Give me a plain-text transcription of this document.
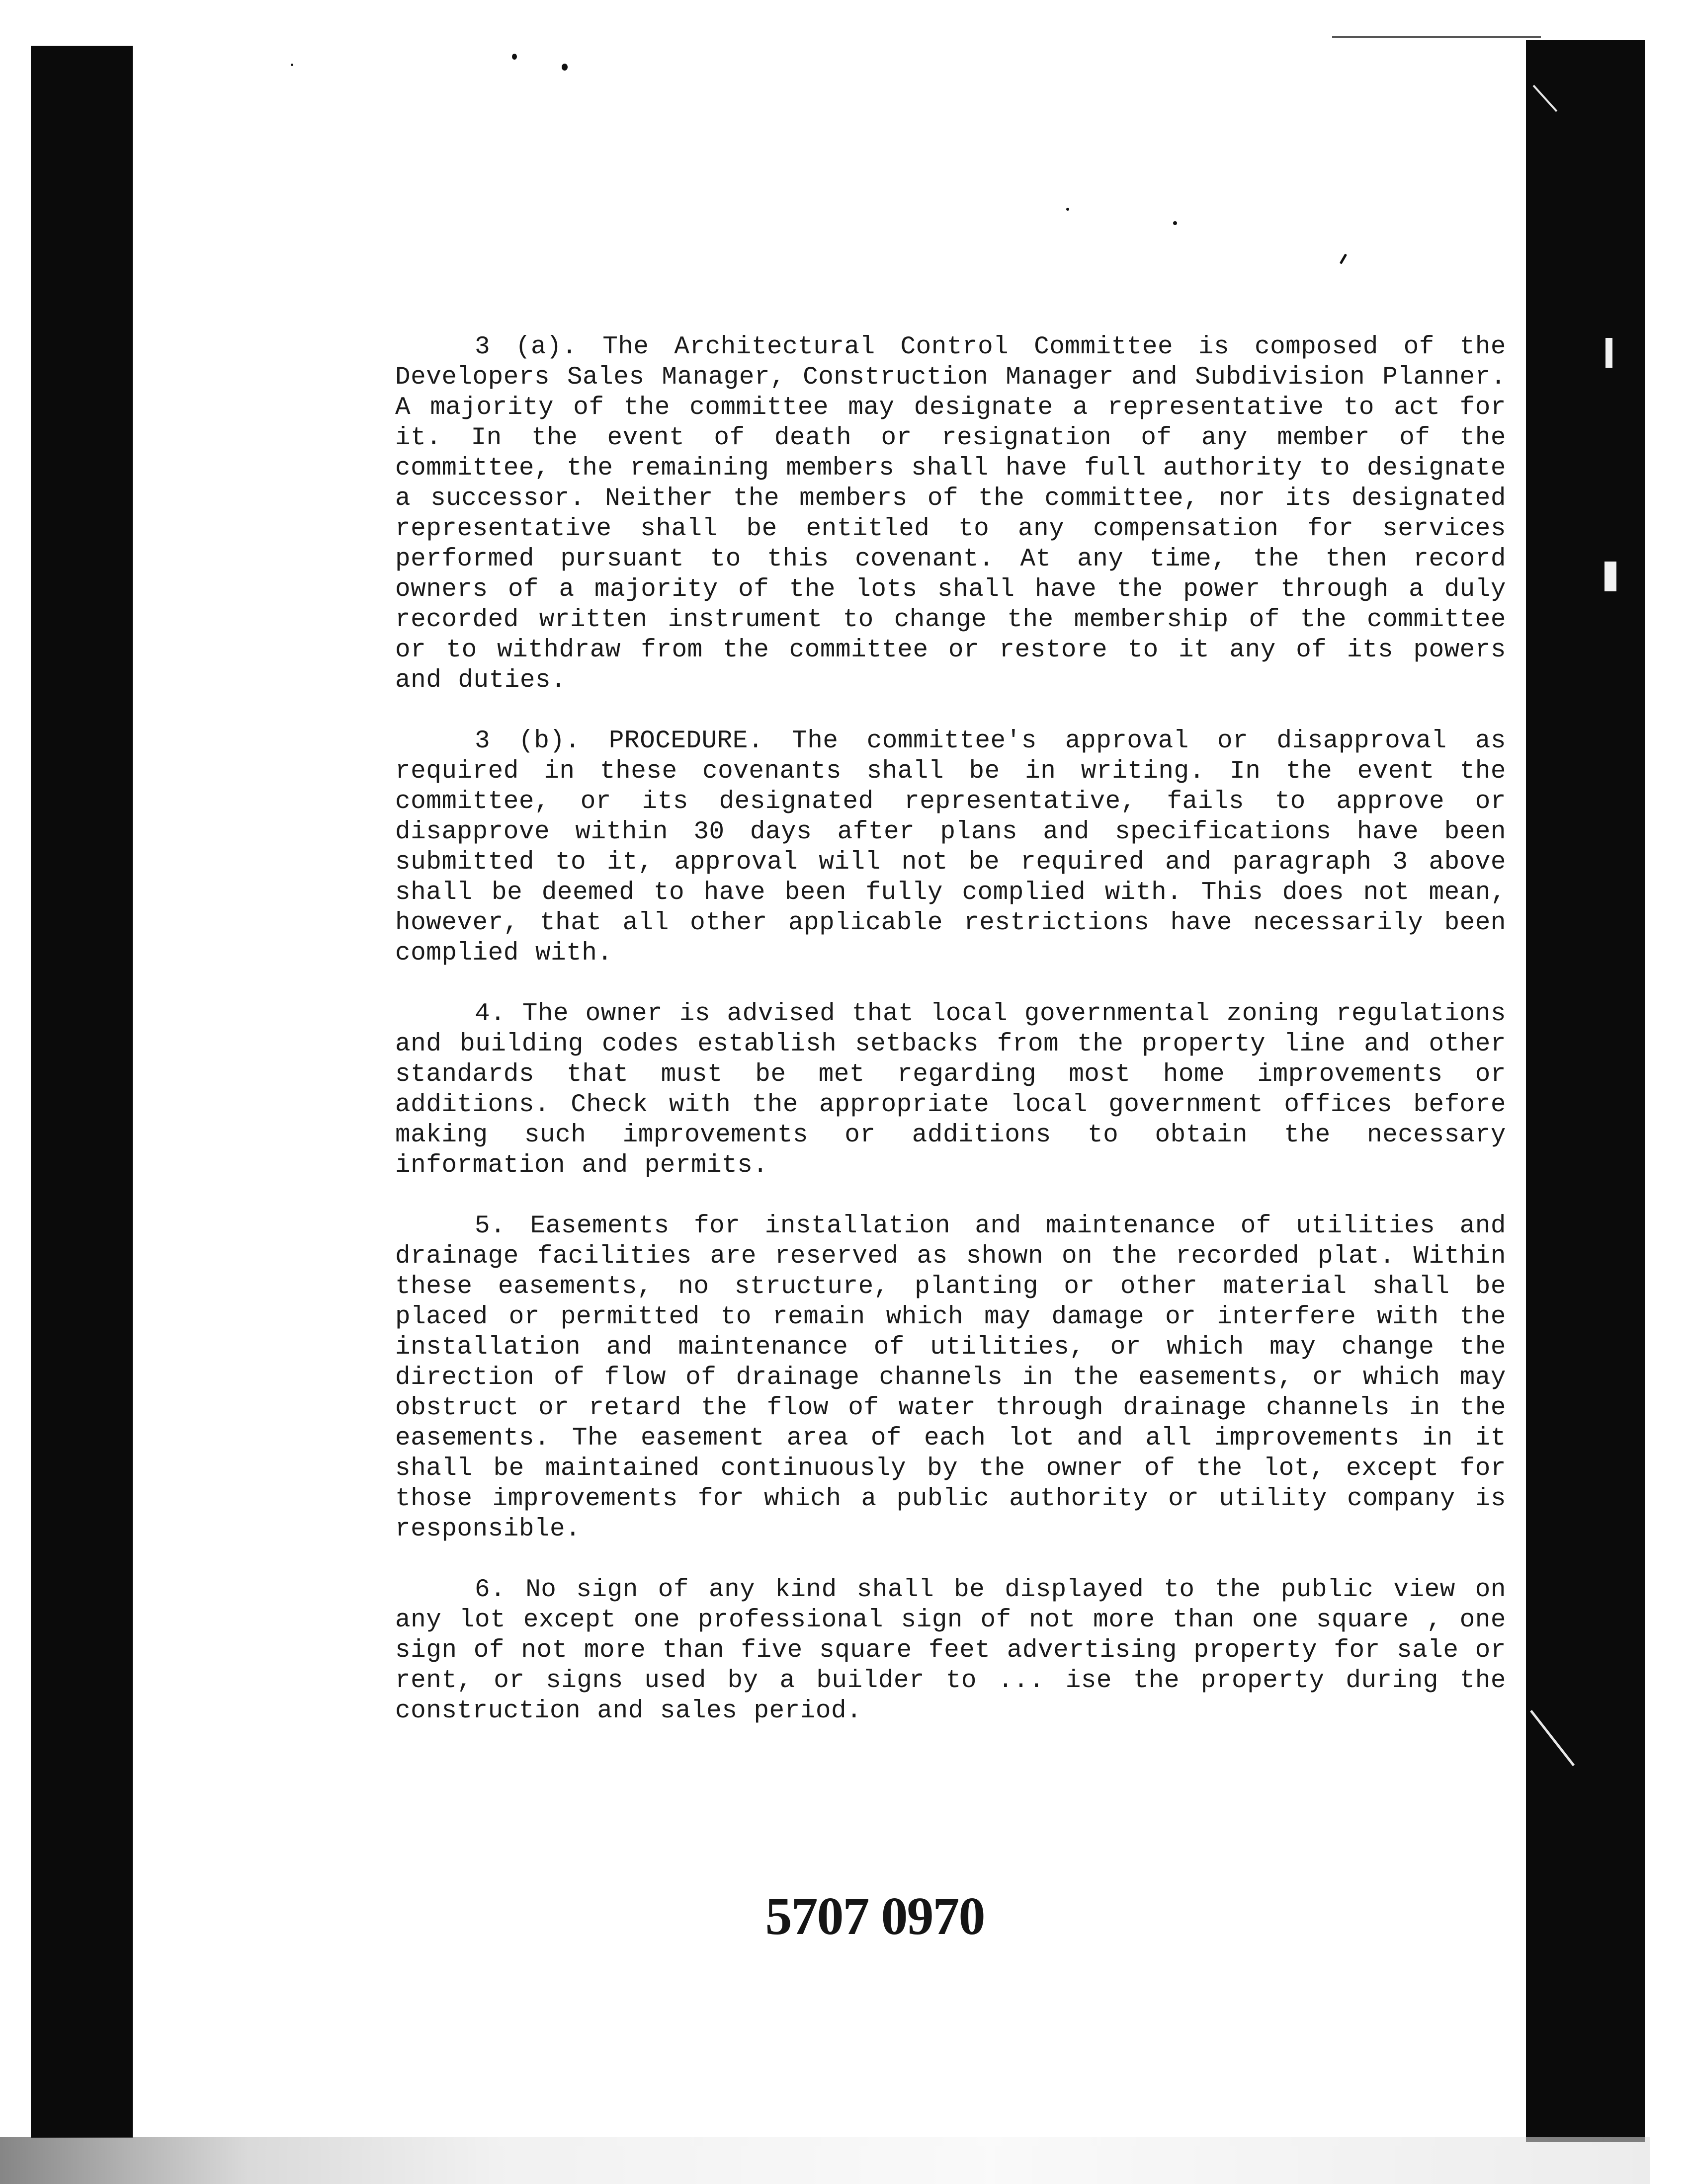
3 (a). The Architectural Control Committee is composed of the Developers Sales Manager, Construction Manager and Subdivision Planner. A majority of the committee may designate a representative to act for it. In the event of death or resignation of any member of the committee, the remaining members shall have full authority to designate a successor. Neither the members of the committee, nor its designated representative shall be entitled to any compensation for services performed pursuant to this covenant. At any time, the then record owners of a majority of the lots shall have the power through a duly recorded written instrument to change the membership of the committee or to withdraw from the committee or restore to it any of its powers and duties.

3 (b). PROCEDURE. The committee's approval or disapproval as required in these covenants shall be in writing. In the event the committee, or its designated representative, fails to approve or disapprove within 30 days after plans and specifications have been submitted to it, approval will not be required and paragraph 3 above shall be deemed to have been fully complied with. This does not mean, however, that all other applicable restrictions have necessarily been complied with.

4. The owner is advised that local governmental zoning regulations and building codes establish setbacks from the property line and other standards that must be met regarding most home improvements or additions. Check with the appropriate local government offices before making such improvements or additions to obtain the necessary information and permits.

5. Easements for installation and maintenance of utilities and drainage facilities are reserved as shown on the recorded plat. Within these easements, no structure, planting or other material shall be placed or permitted to remain which may damage or interfere with the installation and maintenance of utilities, or which may change the direction of flow of drainage channels in the easements, or which may obstruct or retard the flow of water through drainage channels in the easements. The easement area of each lot and all improvements in it shall be maintained continuously by the owner of the lot, except for those improvements for which a public authority or utility company is responsible.

6. No sign of any kind shall be displayed to the public view on any lot except one professional sign of not more than one square , one sign of not more than five square feet advertising property for sale or rent, or signs used by a builder to ... ise the property during the construction and sales period.

5707 0970
